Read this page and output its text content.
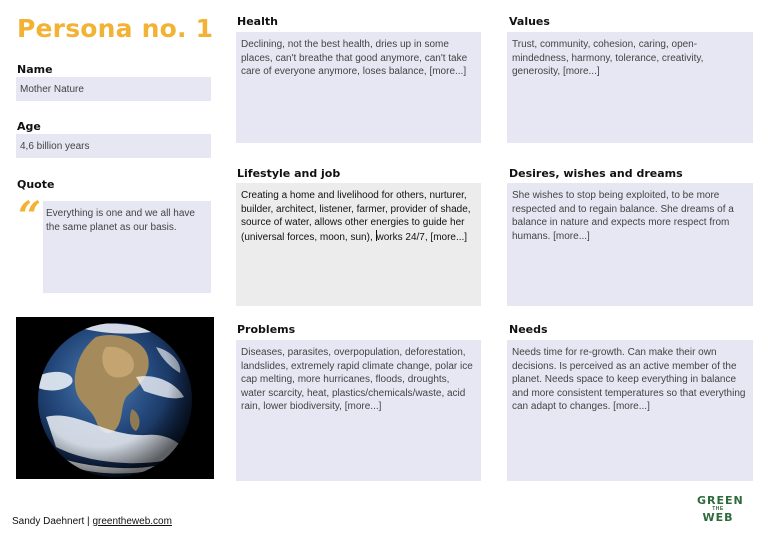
Persona no. 1
Name
Mother Nature
Age
4,6 billion years
Quote
“ Everything is one and we all have the same planet as our basis.
Health
Declining, not the best health, dries up in some places, can't breathe that good anymore, can't take care of everyone anymore, loses balance, [more...]
Lifestyle and job
Creating a home and livelihood for others, nurturer, builder, architect, listener, farmer, provider of shade, source of water, allows other energies to guide her (universal forces, moon, sun), works 24/7, [more...]
Problems
Diseases, parasites, overpopulation, deforestation, landslides, extremely rapid climate change, polar ice cap melting, more hurricanes, floods, droughts, water scarcity, heat, plastics/chemicals/waste, acid rain, lower biodiversity, [more...]
Values
Trust, community, cohesion, caring, open-mindedness, harmony, tolerance, creativity, generosity, [more...]
Desires, wishes and dreams
She wishes to stop being exploited, to be more respected and to regain balance. She dreams of a balance in nature and expects more respect from humans. [more...]
Needs
Needs time for re-growth. Can make their own decisions. Is perceived as an active member of the planet. Needs space to keep everything in balance and more consistent temperatures so that everything can adapt to changes. [more...]
Sandy Daehnert | greentheweb.com
GREEN
THE
WEB
